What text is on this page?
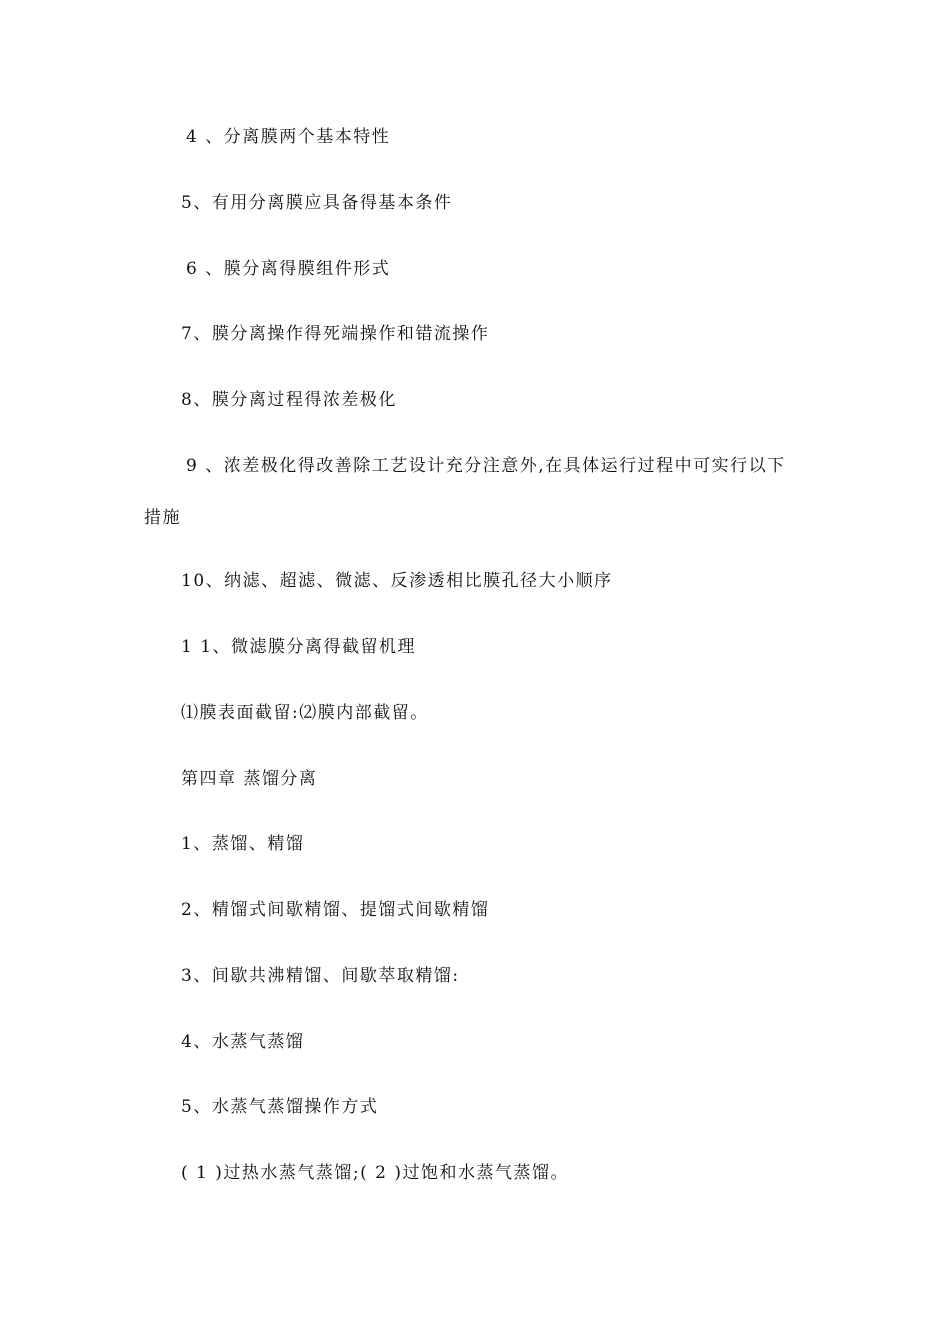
4 、分离膜两个基本特性
5、有用分离膜应具备得基本条件
6 、膜分离得膜组件形式
7、膜分离操作得死端操作和错流操作
8、膜分离过程得浓差极化
9 、浓差极化得改善除工艺设计充分注意外,在具体运行过程中可实行以下
措施
10、纳滤、超滤、微滤、反渗透相比膜孔径大小顺序
1 1、微滤膜分离得截留机理
⑴膜表面截留:⑵膜内部截留。
第四章 蒸馏分离
1、蒸馏、精馏
2、精馏式间歇精馏、提馏式间歇精馏
3、间歇共沸精馏、间歇萃取精馏:
4、水蒸气蒸馏
5、水蒸气蒸馏操作方式
( 1 )过热水蒸气蒸馏;( 2 )过饱和水蒸气蒸馏。
